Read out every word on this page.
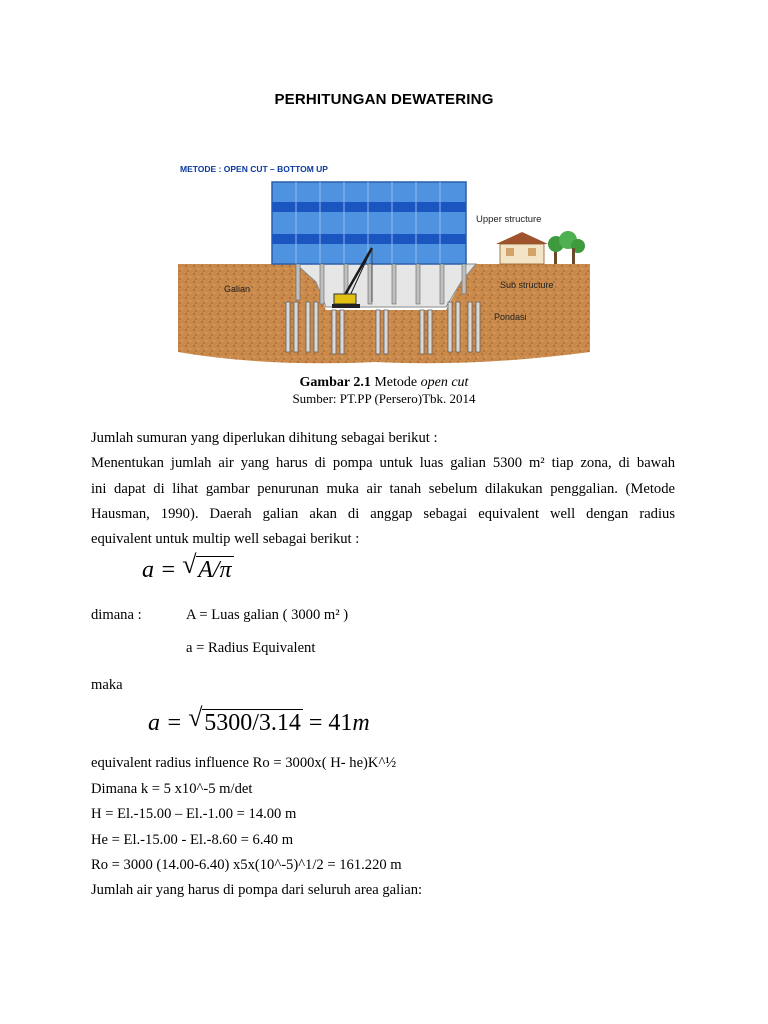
PERHITUNGAN DEWATERING
METODE : OPEN CUT – BOTTOM UP
Upper structure
Galian	Sub structure
Pondasi
Gambar 2.1 Metode open cut
Sumber: PT.PP (Persero)Tbk. 2014
Jumlah sumuran yang diperlukan dihitung sebagai berikut :
Menentukan jumlah air yang harus di pompa untuk luas galian 5300 m² tiap zona, di bawah
ini dapat di lihat gambar penurunan muka air tanah sebelum dilakukan penggalian. (Metode
Hausman, 1990). Daerah galian akan di anggap sebagai equivalent well dengan radius
equivalent untuk multip well sebagai berikut :
a = √ A/π
dimana :	A = Luas galian ( 3000 m² )
a = Radius Equivalent
maka
a = √ 5300/3.14 = 41m
equivalent radius influence Ro = 3000x( H- he)K^½
Dimana k = 5 x10^-5 m/det
H = El.-15.00 – El.-1.00 = 14.00 m
He = El.-15.00 - El.-8.60 = 6.40 m
Ro = 3000 (14.00-6.40) x5x(10^-5)^1/2 = 161.220 m
Jumlah air yang harus di pompa dari seluruh area galian:
